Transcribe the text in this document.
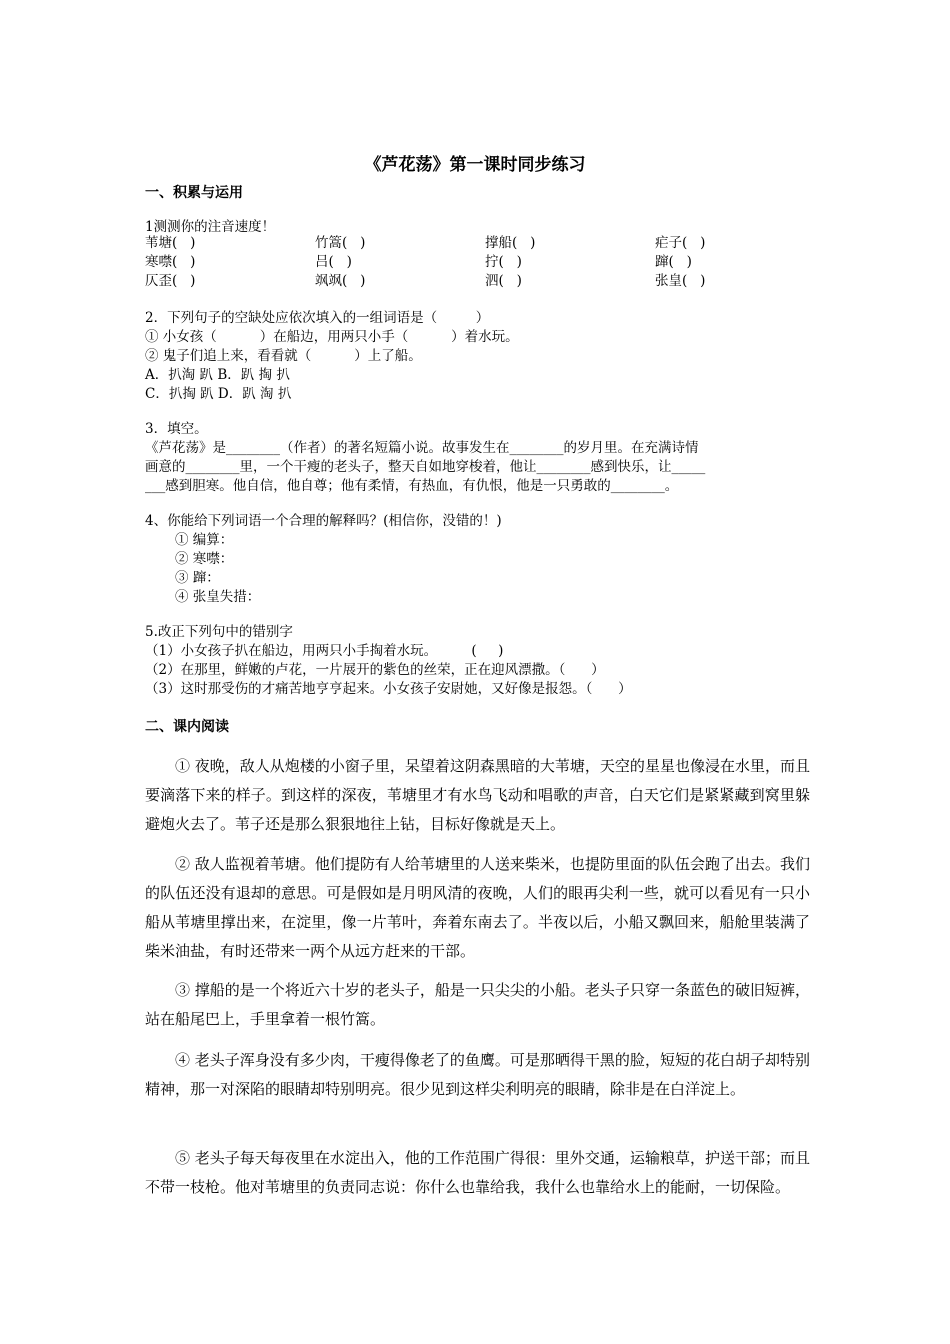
《芦花荡》第一课时同步练习
一、积累与运用
1测测你的注音速度！
苇塘(   )	竹篙(   )	撑船(   )	疟子(   )
寒噤(   )	吕(   )	拧(   )	蹿(   )
仄歪(   )	飒飒(   )	泗(   )	张皇(   )
2．下列句子的空缺处应依次填入的一组词语是（         ）
① 小女孩（          ）在船边，用两只小手（          ）着水玩。
② 鬼子们追上来，看看就（          ）上了船。
A．扒淘 趴 B．趴 掏 扒
C．扒掏 趴 D．趴 淘 扒
3．填空。
《芦花荡》是________（作者）的著名短篇小说。故事发生在________的岁月里。在充满诗情
画意的________里，一个干瘦的老头子，整天自如地穿梭着，他让________感到快乐，让_____
___感到胆寒。他自信，他自尊；他有柔情，有热血，有仇恨，他是一只勇敢的________。
4、你能给下列词语一个合理的解释吗？(相信你，没错的！)
① 编算：
② 寒噤：
③ 蹿：
④ 张皇失措：
5.改正下列句中的错别字
（1）小女孩子扒在船边，用两只小手掏着水玩。        (     )
（2）在那里，鲜嫩的卢花，一片展开的紫色的丝荣，正在迎风漂撒。（      ）
（3）这时那受伤的才痛苦地亨亨起来。小女孩子安尉她，又好像是报怨。（      ）
二、课内阅读

① 夜晚，敌人从炮楼的小窗子里，呆望着这阴森黑暗的大苇塘，天空的星星也像浸在水里，而且要滴落下来的样子。到这样的深夜，苇塘里才有水鸟飞动和唱歌的声音，白天它们是紧紧藏到窝里躲避炮火去了。苇子还是那么狠狠地往上钻，目标好像就是天上。

② 敌人监视着苇塘。他们提防有人给苇塘里的人送来柴米，也提防里面的队伍会跑了出去。我们的队伍还没有退却的意思。可是假如是月明风清的夜晚，人们的眼再尖利一些，就可以看见有一只小船从苇塘里撑出来，在淀里，像一片苇叶，奔着东南去了。半夜以后，小船又飘回来，船舱里装满了柴米油盐，有时还带来一两个从远方赶来的干部。

③ 撑船的是一个将近六十岁的老头子，船是一只尖尖的小船。老头子只穿一条蓝色的破旧短裤，站在船尾巴上，手里拿着一根竹篙。

④ 老头子浑身没有多少肉，干瘦得像老了的鱼鹰。可是那晒得干黑的脸，短短的花白胡子却特别精神，那一对深陷的眼睛却特别明亮。很少见到这样尖利明亮的眼睛，除非是在白洋淀上。

⑤ 老头子每天每夜里在水淀出入，他的工作范围广得很：里外交通，运输粮草，护送干部；而且不带一枝枪。他对苇塘里的负责同志说：你什么也靠给我，我什么也靠给水上的能耐，一切保险。
